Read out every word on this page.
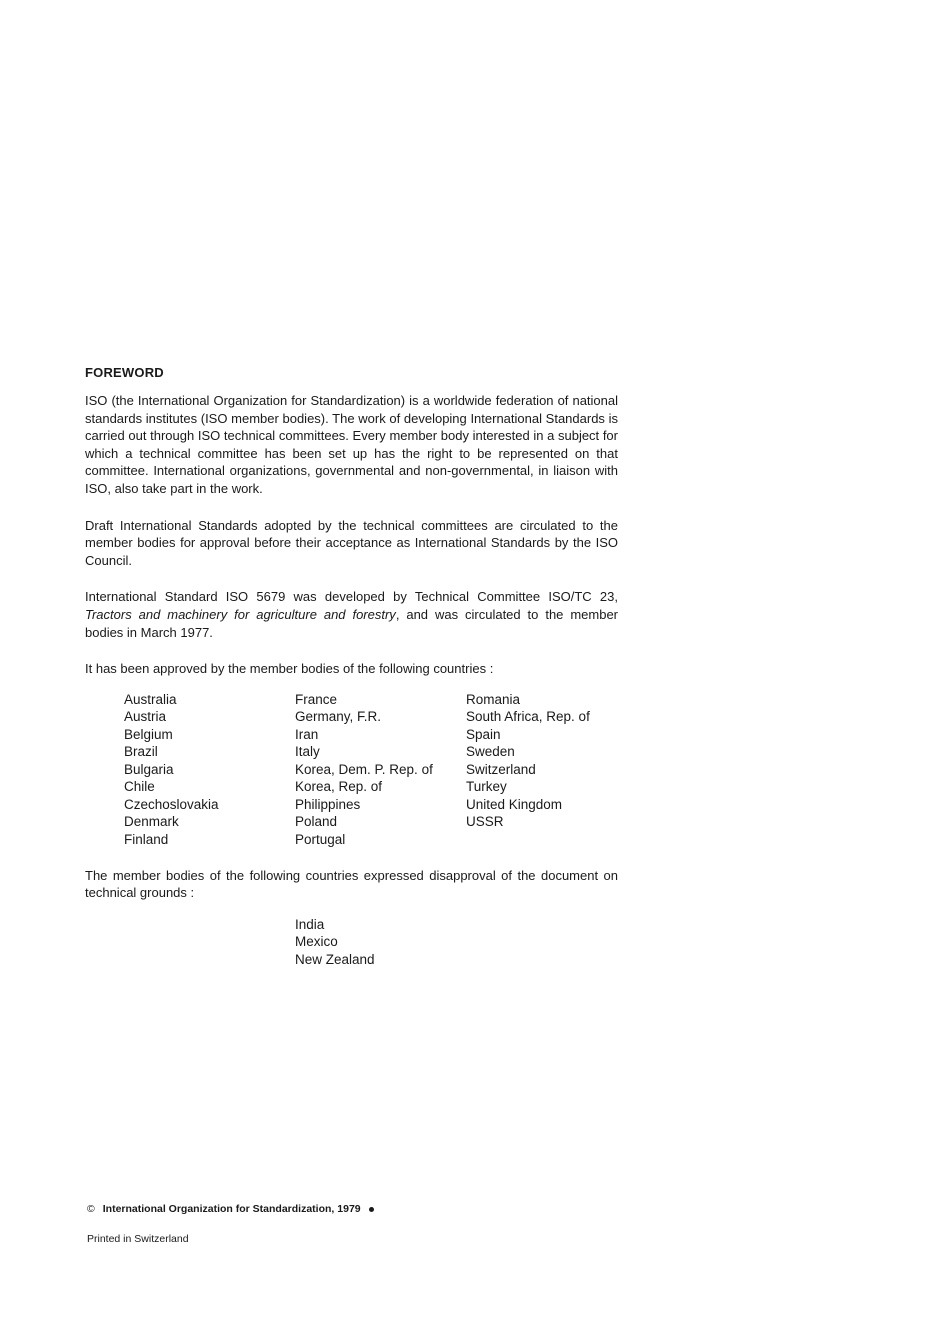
FOREWORD

ISO (the International Organization for Standardization) is a worldwide federation of national standards institutes (ISO member bodies). The work of developing International Standards is carried out through ISO technical committees. Every member body interested in a subject for which a technical committee has been set up has the right to be represented on that committee. International organizations, governmental and non-governmental, in liaison with ISO, also take part in the work.

Draft International Standards adopted by the technical committees are circulated to the member bodies for approval before their acceptance as International Standards by the ISO Council.

International Standard ISO 5679 was developed by Technical Committee ISO/TC 23, Tractors and machinery for agriculture and forestry, and was circulated to the member bodies in March 1977.

It has been approved by the member bodies of the following countries :

Australia
Austria
Belgium
Brazil
Bulgaria
Chile
Czechoslovakia
Denmark
Finland
France
Germany, F.R.
Iran
Italy
Korea, Dem. P. Rep. of
Korea, Rep. of
Philippines
Poland
Portugal
Romania
South Africa, Rep. of
Spain
Sweden
Switzerland
Turkey
United Kingdom
USSR

The member bodies of the following countries expressed disapproval of the document on technical grounds :

India
Mexico
New Zealand
© International Organization for Standardization, 1979
Printed in Switzerland
